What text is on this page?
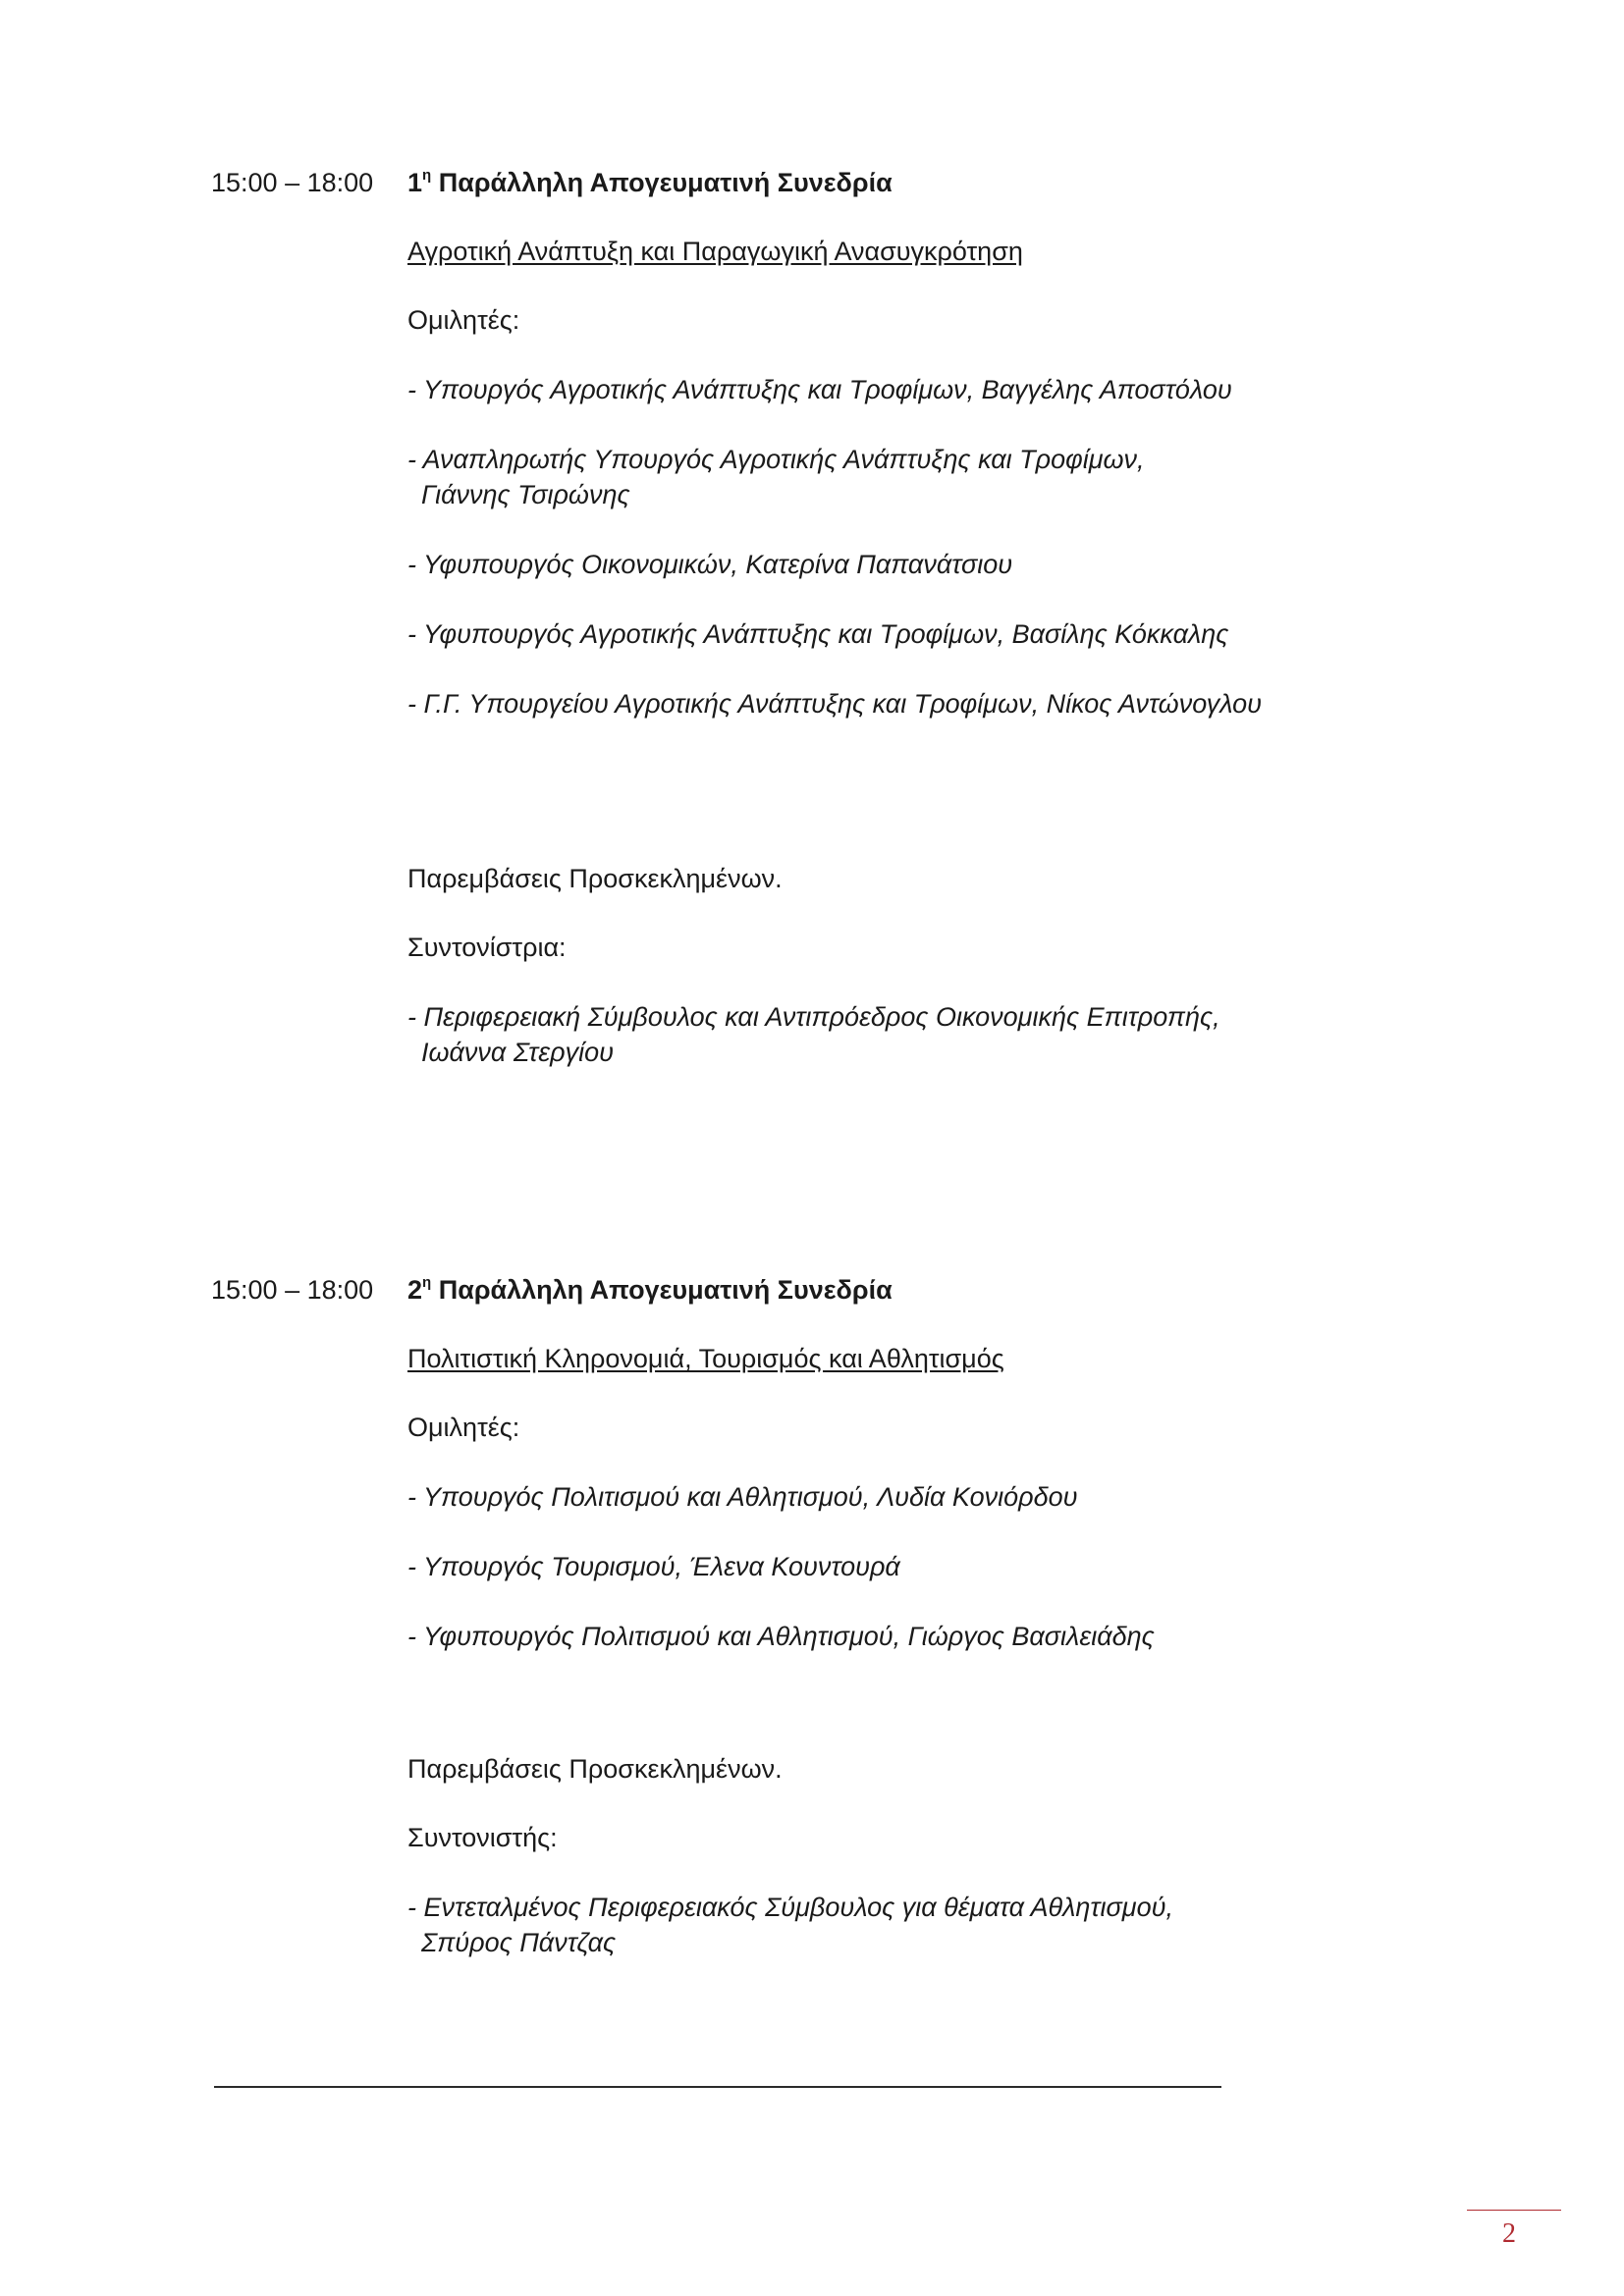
15:00 – 18:00 $1^\eta$ Παράλληλη Απογευματινή Συνεδρία
Αγροτική Ανάπτυξη και Παραγωγική Ανασυγκρότηση
Ομιλητές:
- Υπουργός Αγροτικής Ανάπτυξης και Τροφίμων, Βαγγέλης Αποστόλου
- Αναπληρωτής Υπουργός Αγροτικής Ανάπτυξης και Τροφίμων,
Γιάννης Τσιρώνης
- Υφυπουργός Οικονομικών, Κατερίνα Παπανάτσιου
- Υφυπουργός Αγροτικής Ανάπτυξης και Τροφίμων, Βασίλης Κόκκαλης
- Γ.Γ. Υπουργείου Αγροτικής Ανάπτυξης και Τροφίμων, Νίκος Αντώνογλου
Παρεμβάσεις Προσκεκλημένων.
Συντονίστρια:
- Περιφερειακή Σύμβουλος και Αντιπρόεδρος Οικονομικής Επιτροπής,
Ιωάννα Στεργίου
15:00 – 18:00 $2^\eta$ Παράλληλη Απογευματινή Συνεδρία
Πολιτιστική Κληρονομιά, Τουρισμός και Αθλητισμός
Ομιλητές:
- Υπουργός Πολιτισμού και Αθλητισμού, Λυδία Κονιόρδου
- Υπουργός Τουρισμού, Έλενα Κουντουρά
- Υφυπουργός Πολιτισμού και Αθλητισμού, Γιώργος Βασιλειάδης
Παρεμβάσεις Προσκεκλημένων.
Συντονιστής:
- Εντεταλμένος Περιφερειακός Σύμβουλος για θέματα Αθλητισμού,
Σπύρος Πάντζας
2
